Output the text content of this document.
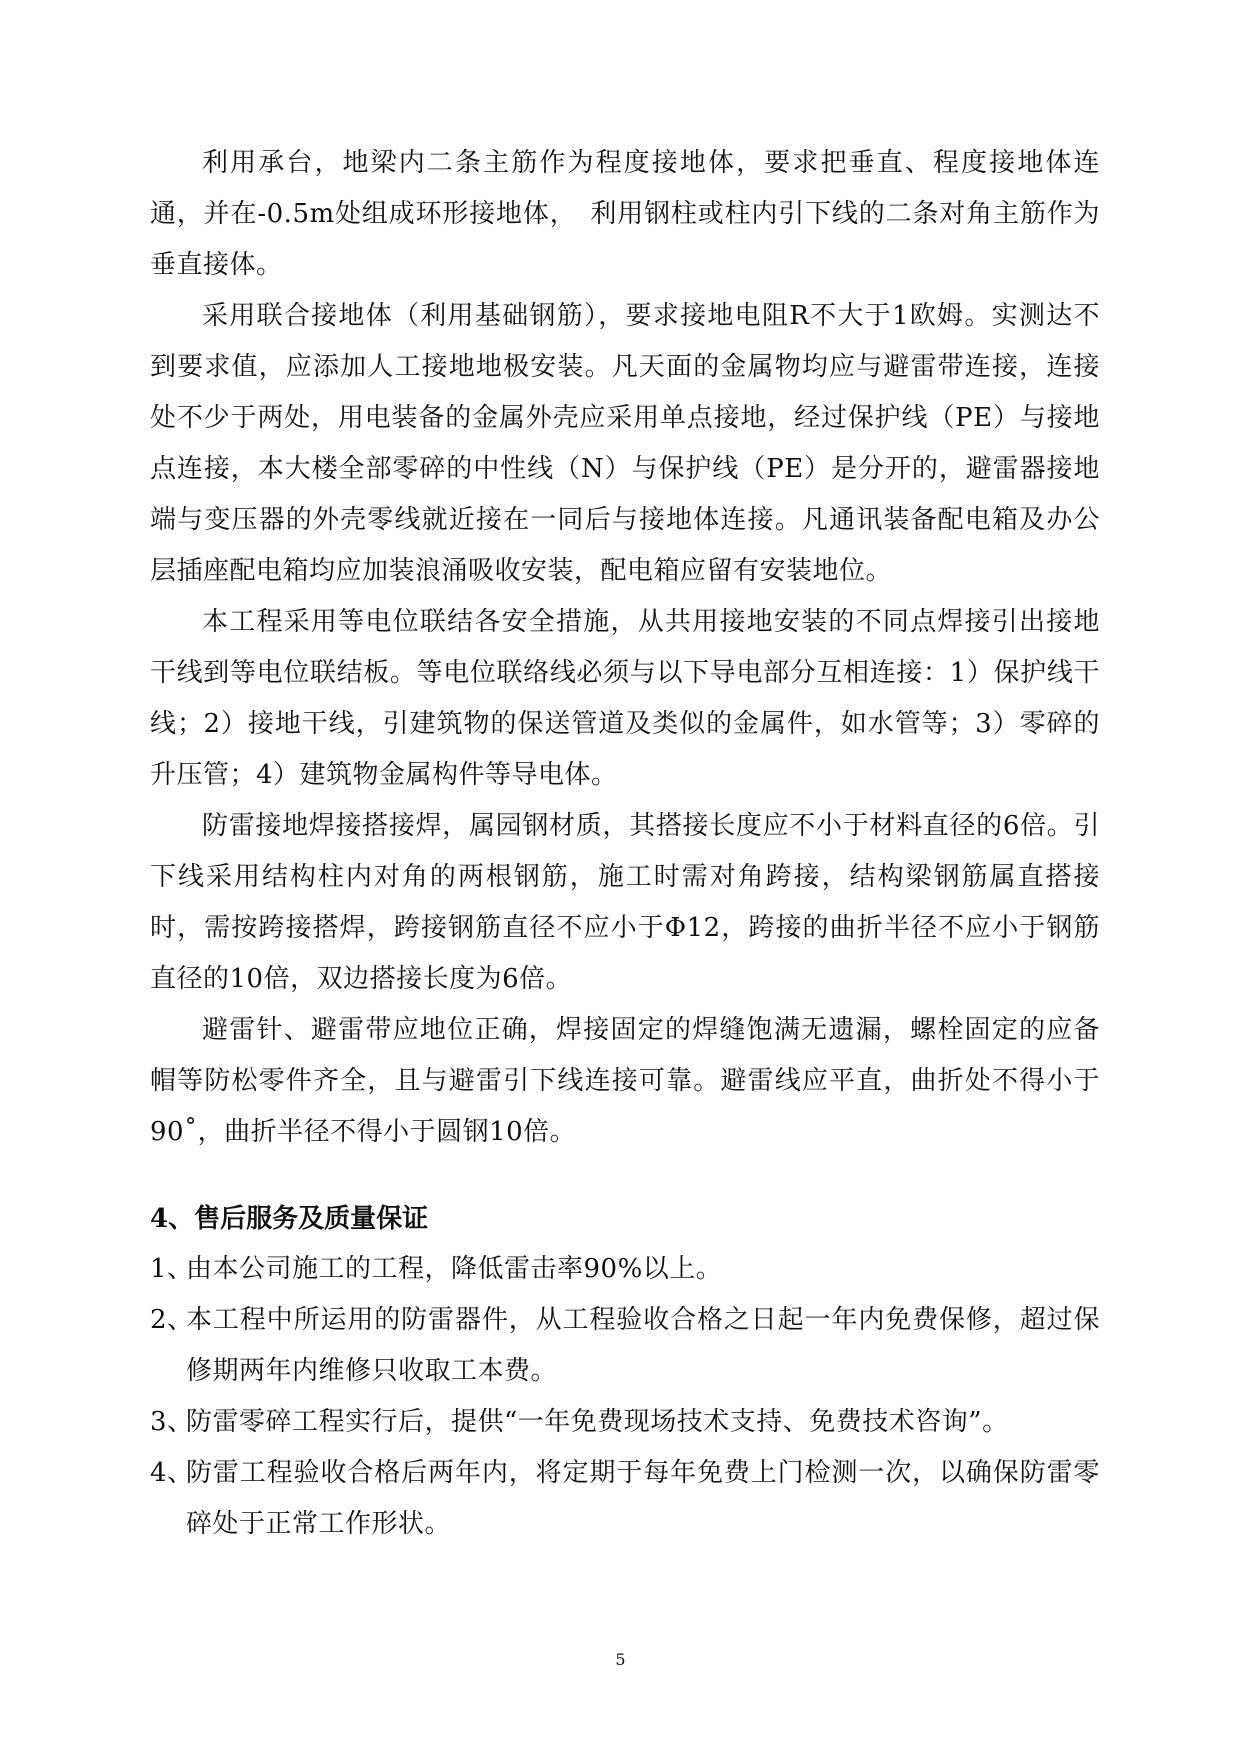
利用承台，地梁内二条主筋作为程度接地体，要求把垂直、程度接地体连通，并在-0.5m处组成环形接地体，　利用钢柱或柱内引下线的二条对角主筋作为垂直接体。

采用联合接地体（利用基础钢筋），要求接地电阻R不大于1欧姆。实测达不到要求值，应添加人工接地地极安装。凡天面的金属物均应与避雷带连接，连接处不少于两处，用电装备的金属外壳应采用单点接地，经过保护线（PE）与接地点连接，本大楼全部零碎的中性线（N）与保护线（PE）是分开的，避雷器接地端与变压器的外壳零线就近接在一同后与接地体连接。凡通讯装备配电箱及办公层插座配电箱均应加装浪涌吸收安装，配电箱应留有安装地位。

本工程采用等电位联结各安全措施，从共用接地安装的不同点焊接引出接地干线到等电位联结板。等电位联络线必须与以下导电部分互相连接：1）保护线干线；2）接地干线，引建筑物的保送管道及类似的金属件，如水管等；3）零碎的升压管；4）建筑物金属构件等导电体。

防雷接地焊接搭接焊，属园钢材质，其搭接长度应不小于材料直径的6倍。引下线采用结构柱内对角的两根钢筋，施工时需对角跨接，结构梁钢筋属直搭接时，需按跨接搭焊，跨接钢筋直径不应小于Φ12，跨接的曲折半径不应小于钢筋直径的10倍，双边搭接长度为6倍。

避雷针、避雷带应地位正确，焊接固定的焊缝饱满无遗漏，螺栓固定的应备帽等防松零件齐全，且与避雷引下线连接可靠。避雷线应平直，曲折处不得小于90˚，曲折半径不得小于圆钢10倍。

4、售后服务及质量保证
1、
由本公司施工的工程，降低雷击率90%以上。
2、
本工程中所运用的防雷器件，从工程验收合格之日起一年内免费保修，超过保修期两年内维修只收取工本费。
3、
防雷零碎工程实行后，提供“一年免费现场技术支持、免费技术咨询”。
4、
防雷工程验收合格后两年内，将定期于每年免费上门检测一次，以确保防雷零碎处于正常工作形状。
5
